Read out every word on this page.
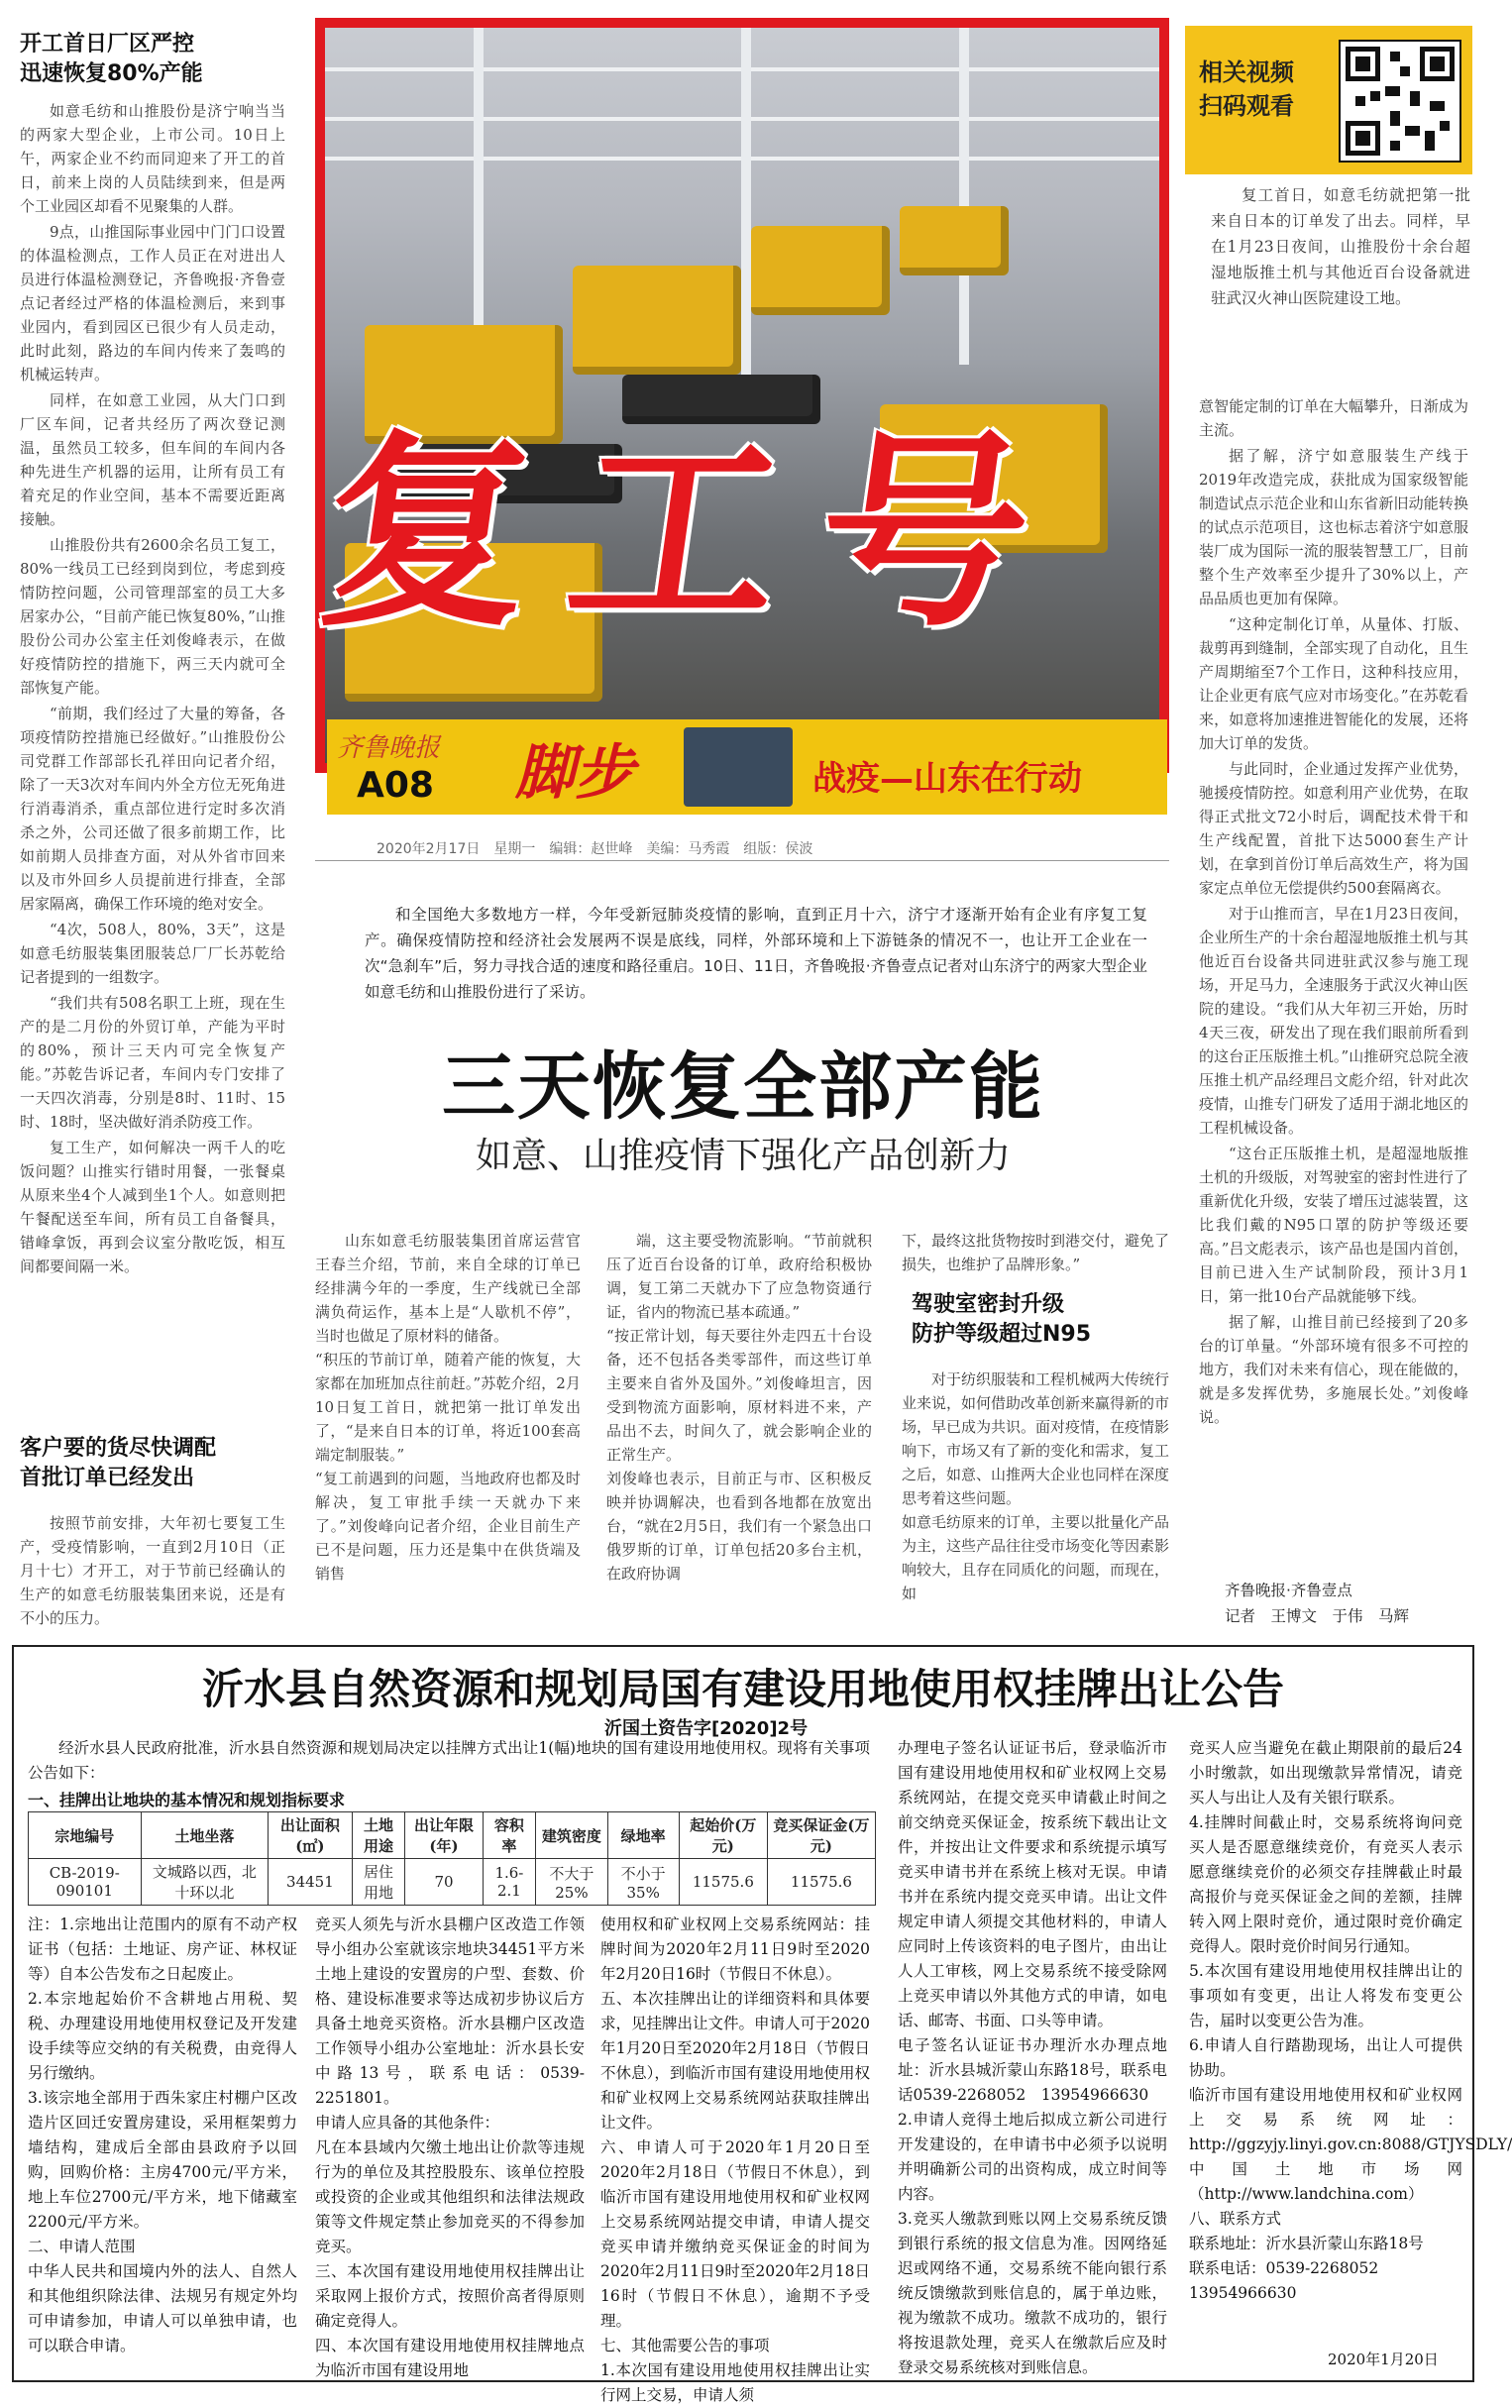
开工首日厂区严控
迅速恢复80%产能

如意毛纺和山推股份是济宁响当当的两家大型企业，上市公司。10日上午，两家企业不约而同迎来了开工的首日，前来上岗的人员陆续到来，但是两个工业园区却看不见聚集的人群。

9点，山推国际事业园中门门口设置的体温检测点，工作人员正在对进出人员进行体温检测登记，齐鲁晚报·齐鲁壹点记者经过严格的体温检测后，来到事业园内，看到园区已很少有人员走动，此时此刻，路边的车间内传来了轰鸣的机械运转声。

同样，在如意工业园，从大门口到厂区车间，记者共经历了两次登记测温，虽然员工较多，但车间的车间内各种先进生产机器的运用，让所有员工有着充足的作业空间，基本不需要近距离接触。

山推股份共有2600余名员工复工，80%一线员工已经到岗到位，考虑到疫情防控问题，公司管理部室的员工大多居家办公，“目前产能已恢复80%，”山推股份公司办公室主任刘俊峰表示，在做好疫情防控的措施下，两三天内就可全部恢复产能。

“前期，我们经过了大量的筹备，各项疫情防控措施已经做好。”山推股份公司党群工作部部长孔祥田向记者介绍，除了一天3次对车间内外全方位无死角进行消毒消杀，重点部位进行定时多次消杀之外，公司还做了很多前期工作，比如前期人员排查方面，对从外省市回来以及市外回乡人员提前进行排查，全部居家隔离，确保工作环境的绝对安全。

“4次，508人，80%，3天”，这是如意毛纺服装集团服装总厂厂长苏乾给记者提到的一组数字。

“我们共有508名职工上班，现在生产的是二月份的外贸订单，产能为平时的80%，预计三天内可完全恢复产能。”苏乾告诉记者，车间内专门安排了一天四次消毒，分别是8时、11时、15时、18时，坚决做好消杀防疫工作。

复工生产，如何解决一两千人的吃饭问题？山推实行错时用餐，一张餐桌从原来坐4个人减到坐1个人。如意则把午餐配送至车间，所有员工自备餐具，错峰拿饭，再到会议室分散吃饭，相互间都要间隔一米。

客户要的货尽快调配
首批订单已经发出

按照节前安排，大年初七要复工生产，受疫情影响，一直到2月10日（正月十七）才开工，对于节前已经确认的生产的如意毛纺服装集团来说，还是有不小的压力。

复工号
相关视频
扫码观看

复工首日，如意毛纺就把第一批来自日本的订单发了出去。同样，早在1月23日夜间，山推股份十余台超湿地版推土机与其他近百台设备就进驻武汉火神山医院建设工地。

齐鲁晚报
A08 脚步	战疫—山东在行动
2020年2月17日　星期一　编辑：赵世峰　美编：马秀霞　组版：侯波
和全国绝大多数地方一样，今年受新冠肺炎疫情的影响，直到正月十六，济宁才逐渐开始有企业有序复工复产。确保疫情防控和经济社会发展两不误是底线，同样，外部环境和上下游链条的情况不一，也让开工企业在一次“急刹车”后，努力寻找合适的速度和路径重启。10日、11日，齐鲁晚报·齐鲁壹点记者对山东济宁的两家大型企业如意毛纺和山推股份进行了采访。
三天恢复全部产能
如意、山推疫情下强化产品创新力
山东如意毛纺服装集团首席运营官王春兰介绍，节前，来自全球的订单已经排满今年的一季度，生产线就已全部满负荷运作，基本上是“人歇机不停”，当时也做足了原材料的储备。
“积压的节前订单，随着产能的恢复，大家都在加班加点往前赶。”苏乾介绍，2月10日复工首日，就把第一批订单发出了，“是来自日本的订单，将近100套高端定制服装。”
“复工前遇到的问题，当地政府也都及时解决，复工审批手续一天就办下来了。”刘俊峰向记者介绍，企业目前生产已不是问题，压力还是集中在供货端及销售
端，这主要受物流影响。“节前就积压了近百台设备的订单，政府给积极协调，复工第二天就办下了应急物资通行证，省内的物流已基本疏通。”
“按正常计划，每天要往外走四五十台设备，还不包括各类零部件，而这些订单主要来自省外及国外。”刘俊峰坦言，因受到物流方面影响，原材料进不来，产品出不去，时间久了，就会影响企业的正常生产。
刘俊峰也表示，目前正与市、区积极反映并协调解决，也看到各地都在放宽出台，“就在2月5日，我们有一个紧急出口俄罗斯的订单，订单包括20多台主机，在政府协调
下，最终这批货物按时到港交付，避免了损失，也维护了品牌形象。”
驾驶室密封升级
防护等级超过N95
对于纺织服装和工程机械两大传统行业来说，如何借助改革创新来赢得新的市场，早已成为共识。面对疫情，在疫情影响下，市场又有了新的变化和需求，复工之后，如意、山推两大企业也同样在深度思考着这些问题。
如意毛纺原来的订单，主要以批量化产品为主，这些产品往往受市场变化等因素影响较大，且存在同质化的问题，而现在，如

意智能定制的订单在大幅攀升，日渐成为主流。

据了解，济宁如意服装生产线于2019年改造完成，获批成为国家级智能制造试点示范企业和山东省新旧动能转换的试点示范项目，这也标志着济宁如意服装厂成为国际一流的服装智慧工厂，目前整个生产效率至少提升了30%以上，产品品质也更加有保障。

“这种定制化订单，从量体、打版、裁剪再到缝制，全部实现了自动化，且生产周期缩至7个工作日，这种科技应用，让企业更有底气应对市场变化。”在苏乾看来，如意将加速推进智能化的发展，还将加大订单的发货。

与此同时，企业通过发挥产业优势，驰援疫情防控。如意利用产业优势，在取得正式批文72小时后，调配技术骨干和生产线配置，首批下达5000套生产计划，在拿到首份订单后高效生产，将为国家定点单位无偿提供约500套隔离衣。

对于山推而言，早在1月23日夜间，企业所生产的十余台超湿地版推土机与其他近百台设备共同进驻武汉参与施工现场，开足马力，全速服务于武汉火神山医院的建设。“我们从大年初三开始，历时4天三夜，研发出了现在我们眼前所看到的这台正压版推土机。”山推研究总院全液压推土机产品经理吕文彪介绍，针对此次疫情，山推专门研发了适用于湖北地区的工程机械设备。

“这台正压版推土机，是超湿地版推土机的升级版，对驾驶室的密封性进行了重新优化升级，安装了增压过滤装置，这比我们戴的N95口罩的防护等级还要高。”吕文彪表示，该产品也是国内首创，目前已进入生产试制阶段，预计3月1日，第一批10台产品就能够下线。

据了解，山推目前已经接到了20多台的订单量。“外部环境有很多不可控的地方，我们对未来有信心，现在能做的，就是多发挥优势，多施展长处。”刘俊峰说。

齐鲁晚报·齐鲁壹点
记者　王博文　于伟　马辉
沂水县自然资源和规划局国有建设用地使用权挂牌出让公告
沂国土资告字[2020]2号
经沂水县人民政府批准，沂水县自然资源和规划局决定以挂牌方式出让1(幅)地块的国有建设用地使用权。现将有关事项公告如下：
一、挂牌出让地块的基本情况和规划指标要求
宗地编号	土地坐落	出让面积(㎡)	土地用途	出让年限(年)	容积率	建筑密度	绿地率	起始价(万元)	竞买保证金(万元)
CB-2019-090101	文城路以西，北十环以北	34451	居住用地	70	1.6-2.1	不大于25%	不小于35%	11575.6	11575.6
注：1.宗地出让范围内的原有不动产权证书（包括：土地证、房产证、林权证等）自本公告发布之日起废止。
2.本宗地起始价不含耕地占用税、契税、办理建设用地使用权登记及开发建设手续等应交纳的有关税费，由竞得人另行缴纳。
3.该宗地全部用于西朱家庄村棚户区改造片区回迁安置房建设，采用框架剪力墙结构，建成后全部由县政府予以回购，回购价格：主房4700元/平方米，地上车位2700元/平方米，地下储藏室2200元/平方米。
二、申请人范围
中华人民共和国境内外的法人、自然人和其他组织除法律、法规另有规定外均可申请参加，申请人可以单独申请，也可以联合申请。
竞买人须先与沂水县棚户区改造工作领导小组办公室就该宗地块34451平方米土地上建设的安置房的户型、套数、价格、建设标准要求等达成初步协议后方具备土地竞买资格。沂水县棚户区改造工作领导小组办公室地址：沂水县长安中路13号，联系电话：0539-2251801。
申请人应具备的其他条件：
凡在本县域内欠缴土地出让价款等违规行为的单位及其控股股东、该单位控股或投资的企业或其他组织和法律法规政策等文件规定禁止参加竞买的不得参加竞买。
三、本次国有建设用地使用权挂牌出让采取网上报价方式，按照价高者得原则确定竞得人。
四、本次国有建设用地使用权挂牌地点为临沂市国有建设用地
使用权和矿业权网上交易系统网站：挂牌时间为2020年2月11日9时至2020年2月20日16时（节假日不休息）。
五、本次挂牌出让的详细资料和具体要求，见挂牌出让文件。申请人可于2020年1月20日至2020年2月18日（节假日不休息），到临沂市国有建设用地使用权和矿业权网上交易系统网站获取挂牌出让文件。
六、申请人可于2020年1月20日至2020年2月18日（节假日不休息），到临沂市国有建设用地使用权和矿业权网上交易系统网站提交申请，申请人提交竞买申请并缴纳竞买保证金的时间为2020年2月11日9时至2020年2月18日16时（节假日不休息），逾期不予受理。
七、其他需要公告的事项
1.本次国有建设用地使用权挂牌出让实行网上交易，申请人须
办理电子签名认证证书后，登录临沂市国有建设用地使用权和矿业权网上交易系统网站，在提交竞买申请截止时间之前交纳竞买保证金，按系统下载出让文件，并按出让文件要求和系统提示填写竞买申请书并在系统上核对无误。申请书并在系统内提交竞买申请。出让文件规定申请人须提交其他材料的，申请人应同时上传该资料的电子图片，由出让人人工审核，网上交易系统不接受除网上竞买申请以外其他方式的申请，如电话、邮寄、书面、口头等申请。
电子签名认证证书办理沂水办理点地址：沂水县城沂蒙山东路18号，联系电话0539-2268052　13954966630
2.申请人竞得土地后拟成立新公司进行开发建设的，在申请书中必须予以说明并明确新公司的出资构成，成立时间等内容。
3.竞买人缴款到账以网上交易系统反馈到银行系统的报文信息为准。因网络延迟或网络不通，交易系统不能向银行系统反馈缴款到账信息的，属于单边账，视为缴款不成功。缴款不成功的，银行将按退款处理，竞买人在缴款后应及时登录交易系统核对到账信息。
竞买人应当避免在截止期限前的最后24小时缴款，如出现缴款异常情况，请竞买人与出让人及有关银行联系。
4.挂牌时间截止时，交易系统将询问竞买人是否愿意继续竞价，有竞买人表示愿意继续竞价的必须交存挂牌截止时最高报价与竞买保证金之间的差额，挂牌转入网上限时竞价，通过限时竞价确定竞得人。限时竞价时间另行通知。
5.本次国有建设用地使用权挂牌出让的事项如有变更，出让人将发布变更公告，届时以变更公告为准。
6.申请人自行踏勘现场，出让人可提供协助。
临沂市国有建设用地使用权和矿业权网上交易系统网址：http://ggzyjy.linyi.gov.cn:8088/GTJYSDLY/
中国土地市场网（http://www.landchina.com）
八、联系方式
联系地址：沂水县沂蒙山东路18号
联系电话：0539-2268052
13954966630
2020年1月20日
